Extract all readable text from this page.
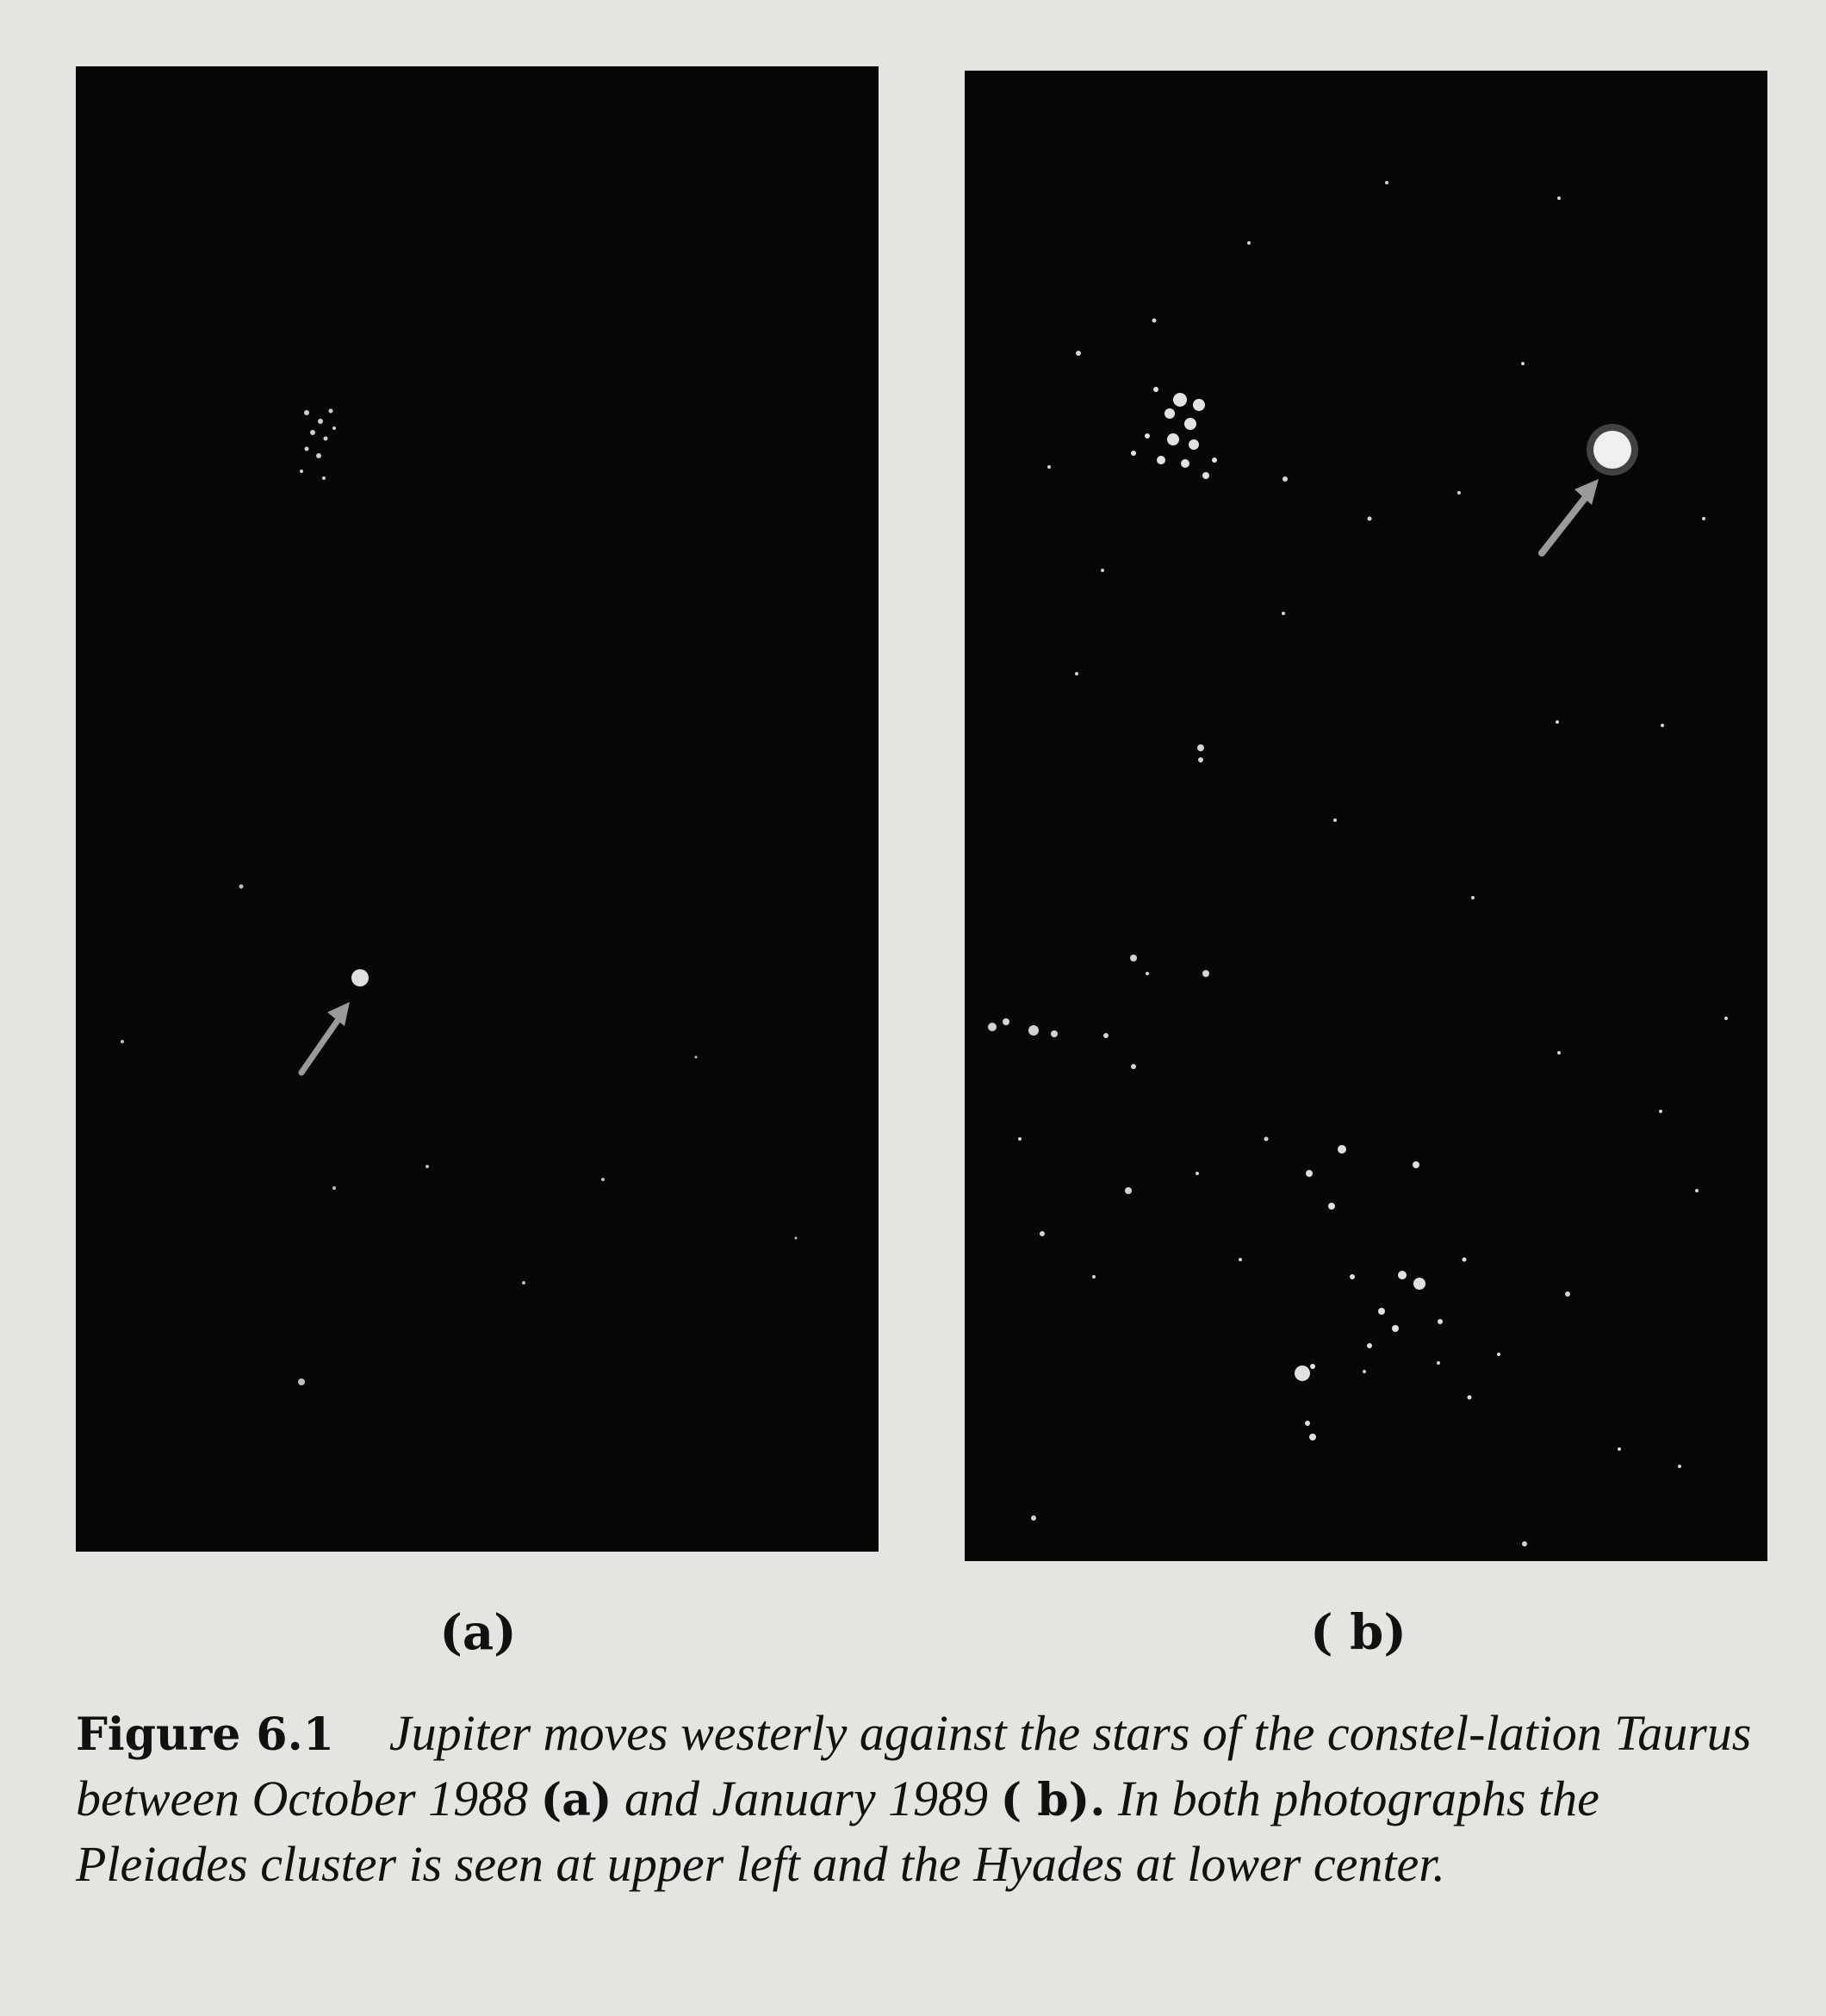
(a)	( b)
Figure 6.1 Jupiter moves westerly against the stars of the constel-lation Taurus between October 1988 (a) and January 1989 ( b). In both photographs the Pleiades cluster is seen at upper left and the Hyades at lower center.
